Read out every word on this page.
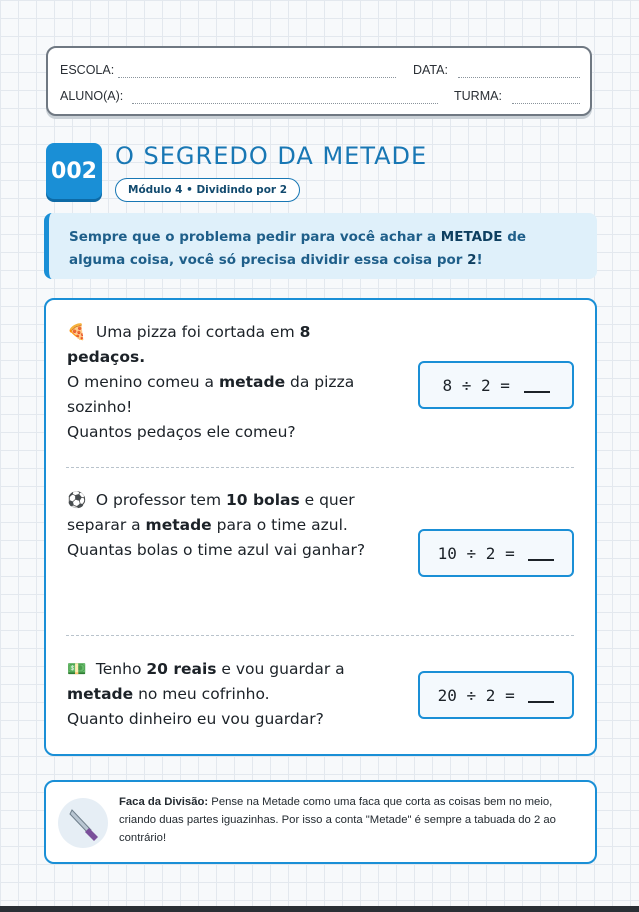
ESCOLA:	DATA:
ALUNO(A):	TURMA:
002
O SEGREDO DA METADE
Módulo 4 • Dividindo por 2
Sempre que o problema pedir para você achar a METADE de alguma coisa, você só precisa dividir essa coisa por 2!
🍕 Uma pizza foi cortada em 8 pedaços.
O menino comeu a metade da pizza sozinho!
Quantos pedaços ele comeu?
8 ÷ 2 =
⚽ O professor tem 10 bolas e quer separar a metade para o time azul.
Quantas bolas o time azul vai ganhar?	10 ÷ 2 =
💵 Tenho 20 reais e vou guardar a metade no meu cofrinho.
Quanto dinheiro eu vou guardar?
20 ÷ 2 =
Faca da Divisão: Pense na Metade como uma faca que corta as coisas bem no meio, criando duas partes iguazinhas. Por isso a conta "Metade" é sempre a tabuada do 2 ao contrário!
